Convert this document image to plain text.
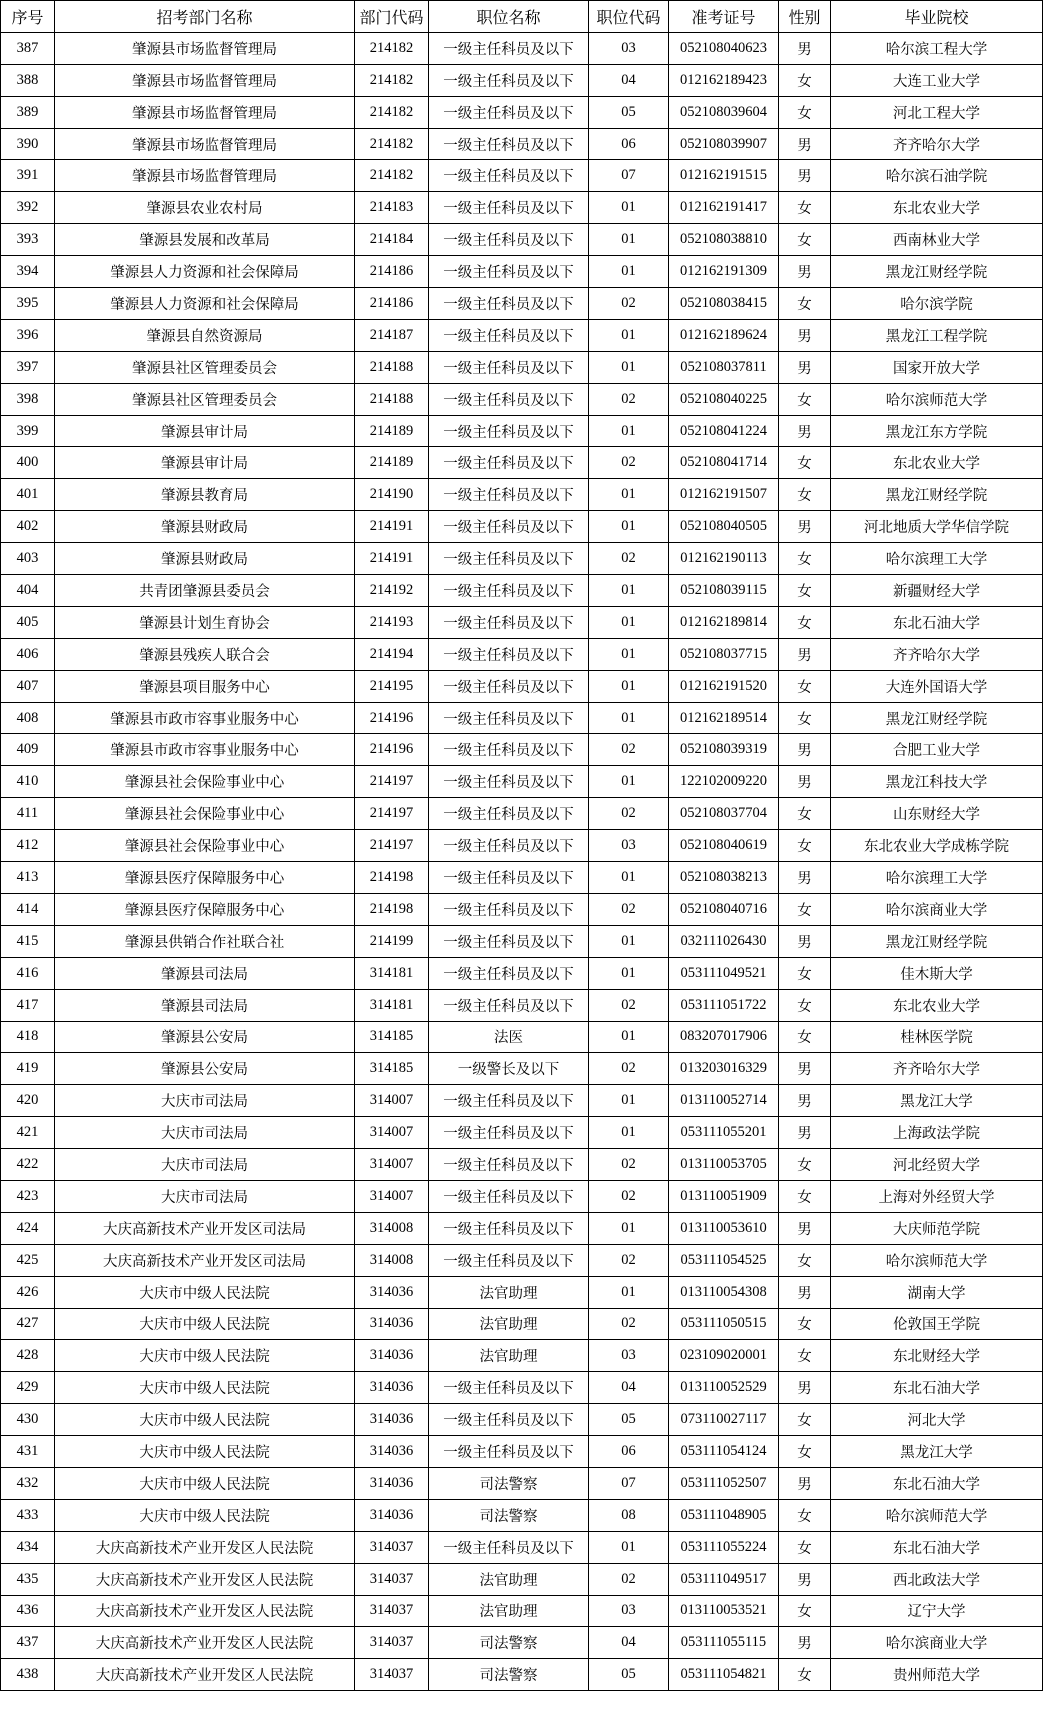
序号	招考部门名称	部门代码	职位名称	职位代码	准考证号	性别	毕业院校
387	肇源县市场监督管理局	214182	一级主任科员及以下	03	052108040623	男	哈尔滨工程大学
388	肇源县市场监督管理局	214182	一级主任科员及以下	04	012162189423	女	大连工业大学
389	肇源县市场监督管理局	214182	一级主任科员及以下	05	052108039604	女	河北工程大学
390	肇源县市场监督管理局	214182	一级主任科员及以下	06	052108039907	男	齐齐哈尔大学
391	肇源县市场监督管理局	214182	一级主任科员及以下	07	012162191515	男	哈尔滨石油学院
392	肇源县农业农村局	214183	一级主任科员及以下	01	012162191417	女	东北农业大学
393	肇源县发展和改革局	214184	一级主任科员及以下	01	052108038810	女	西南林业大学
394	肇源县人力资源和社会保障局	214186	一级主任科员及以下	01	012162191309	男	黑龙江财经学院
395	肇源县人力资源和社会保障局	214186	一级主任科员及以下	02	052108038415	女	哈尔滨学院
396	肇源县自然资源局	214187	一级主任科员及以下	01	012162189624	男	黑龙江工程学院
397	肇源县社区管理委员会	214188	一级主任科员及以下	01	052108037811	男	国家开放大学
398	肇源县社区管理委员会	214188	一级主任科员及以下	02	052108040225	女	哈尔滨师范大学
399	肇源县审计局	214189	一级主任科员及以下	01	052108041224	男	黑龙江东方学院
400	肇源县审计局	214189	一级主任科员及以下	02	052108041714	女	东北农业大学
401	肇源县教育局	214190	一级主任科员及以下	01	012162191507	女	黑龙江财经学院
402	肇源县财政局	214191	一级主任科员及以下	01	052108040505	男	河北地质大学华信学院
403	肇源县财政局	214191	一级主任科员及以下	02	012162190113	女	哈尔滨理工大学
404	共青团肇源县委员会	214192	一级主任科员及以下	01	052108039115	女	新疆财经大学
405	肇源县计划生育协会	214193	一级主任科员及以下	01	012162189814	女	东北石油大学
406	肇源县残疾人联合会	214194	一级主任科员及以下	01	052108037715	男	齐齐哈尔大学
407	肇源县项目服务中心	214195	一级主任科员及以下	01	012162191520	女	大连外国语大学
408	肇源县市政市容事业服务中心	214196	一级主任科员及以下	01	012162189514	女	黑龙江财经学院
409	肇源县市政市容事业服务中心	214196	一级主任科员及以下	02	052108039319	男	合肥工业大学
410	肇源县社会保险事业中心	214197	一级主任科员及以下	01	122102009220	男	黑龙江科技大学
411	肇源县社会保险事业中心	214197	一级主任科员及以下	02	052108037704	女	山东财经大学
412	肇源县社会保险事业中心	214197	一级主任科员及以下	03	052108040619	女	东北农业大学成栋学院
413	肇源县医疗保障服务中心	214198	一级主任科员及以下	01	052108038213	男	哈尔滨理工大学
414	肇源县医疗保障服务中心	214198	一级主任科员及以下	02	052108040716	女	哈尔滨商业大学
415	肇源县供销合作社联合社	214199	一级主任科员及以下	01	032111026430	男	黑龙江财经学院
416	肇源县司法局	314181	一级主任科员及以下	01	053111049521	女	佳木斯大学
417	肇源县司法局	314181	一级主任科员及以下	02	053111051722	女	东北农业大学
418	肇源县公安局	314185	法医	01	083207017906	女	桂林医学院
419	肇源县公安局	314185	一级警长及以下	02	013203016329	男	齐齐哈尔大学
420	大庆市司法局	314007	一级主任科员及以下	01	013110052714	男	黑龙江大学
421	大庆市司法局	314007	一级主任科员及以下	01	053111055201	男	上海政法学院
422	大庆市司法局	314007	一级主任科员及以下	02	013110053705	女	河北经贸大学
423	大庆市司法局	314007	一级主任科员及以下	02	013110051909	女	上海对外经贸大学
424	大庆高新技术产业开发区司法局	314008	一级主任科员及以下	01	013110053610	男	大庆师范学院
425	大庆高新技术产业开发区司法局	314008	一级主任科员及以下	02	053111054525	女	哈尔滨师范大学
426	大庆市中级人民法院	314036	法官助理	01	013110054308	男	湖南大学
427	大庆市中级人民法院	314036	法官助理	02	053111050515	女	伦敦国王学院
428	大庆市中级人民法院	314036	法官助理	03	023109020001	女	东北财经大学
429	大庆市中级人民法院	314036	一级主任科员及以下	04	013110052529	男	东北石油大学
430	大庆市中级人民法院	314036	一级主任科员及以下	05	073110027117	女	河北大学
431	大庆市中级人民法院	314036	一级主任科员及以下	06	053111054124	女	黑龙江大学
432	大庆市中级人民法院	314036	司法警察	07	053111052507	男	东北石油大学
433	大庆市中级人民法院	314036	司法警察	08	053111048905	女	哈尔滨师范大学
434	大庆高新技术产业开发区人民法院	314037	一级主任科员及以下	01	053111055224	女	东北石油大学
435	大庆高新技术产业开发区人民法院	314037	法官助理	02	053111049517	男	西北政法大学
436	大庆高新技术产业开发区人民法院	314037	法官助理	03	013110053521	女	辽宁大学
437	大庆高新技术产业开发区人民法院	314037	司法警察	04	053111055115	男	哈尔滨商业大学
438	大庆高新技术产业开发区人民法院	314037	司法警察	05	053111054821	女	贵州师范大学
